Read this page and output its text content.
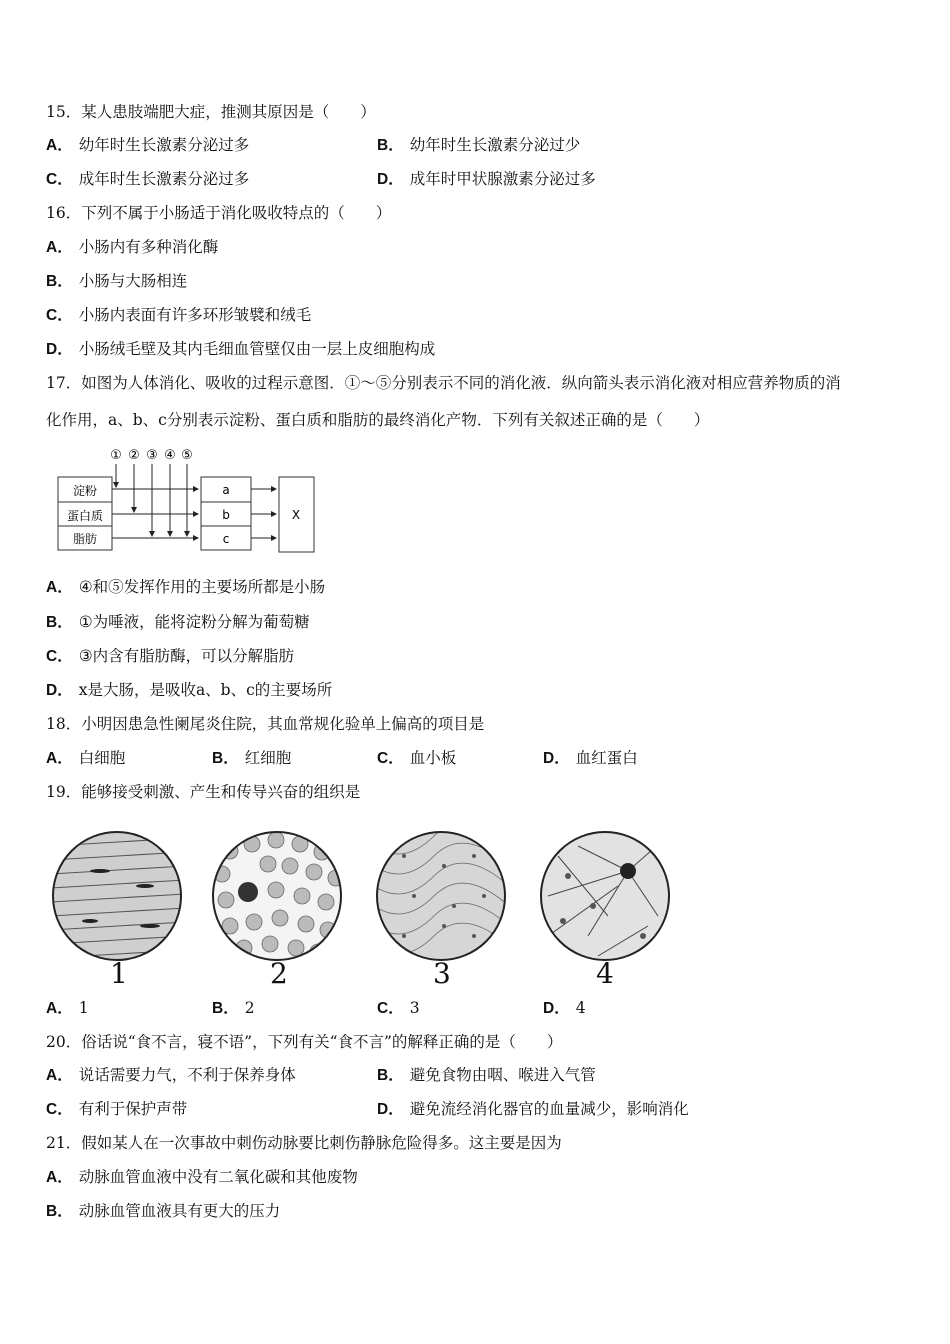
15．某人患肢端肥大症，推测其原因是（　　）
A． 幼年时生长激素分泌过多	B． 幼年时生长激素分泌过少
C． 成年时生长激素分泌过多	D． 成年时甲状腺激素分泌过多
16．下列不属于小肠适于消化吸收特点的（　　）
A． 小肠内有多种消化酶
B． 小肠与大肠相连
C． 小肠内表面有许多环形皱襞和绒毛
D． 小肠绒毛壁及其内毛细血管壁仅由一层上皮细胞构成
17．如图为人体消化、吸收的过程示意图．①～⑤分别表示不同的消化液．纵向箭头表示消化液对相应营养物质的消
化作用，a、b、c分别表示淀粉、蛋白质和脂肪的最终消化产物．下列有关叙述正确的是（　　）
① ② ③ ④ ⑤
淀粉
蛋白质
脂肪
a
b
c
X
A． ④和⑤发挥作用的主要场所都是小肠
B． ①为唾液，能将淀粉分解为葡萄糖
C． ③内含有脂肪酶，可以分解脂肪
D． x是大肠，是吸收a、b、c的主要场所
18．小明因患急性阑尾炎住院，其血常规化验单上偏高的项目是
A． 白细胞	B． 红细胞	C． 血小板	D． 血红蛋白
19．能够接受刺激、产生和传导兴奋的组织是
1	2	3	4
A． 1	B． 2	C． 3	D． 4
20．俗话说“食不言，寝不语”，下列有关“食不言”的解释正确的是（　　）
A． 说话需要力气，不利于保养身体	B． 避免食物由咽、喉进入气管
C． 有利于保护声带	D． 避免流经消化器官的血量减少，影响消化
21．假如某人在一次事故中刺伤动脉要比刺伤静脉危险得多。这主要是因为
A． 动脉血管血液中没有二氧化碳和其他废物
B． 动脉血管血液具有更大的压力
